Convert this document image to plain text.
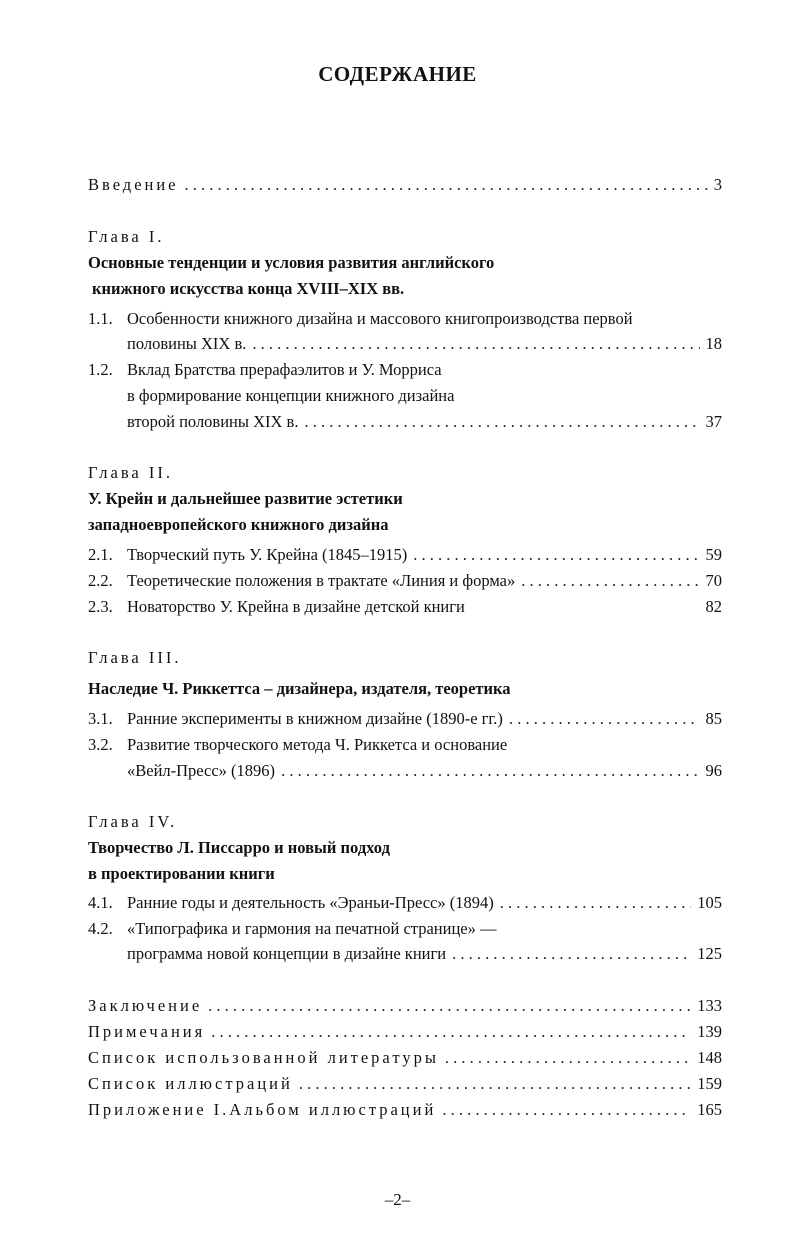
СОДЕРЖАНИЕ
Введение . . .	3
Глава I.
Основные тенденции и условия развития английского
книжного искусства конца XVIII–XIX вв.
1.1. Особенности книжного дизайна и массового книгопроизводства первой
половины XIX в. . . .	18
1.2. Вклад Братства прерафаэлитов и У. Морриса
в формирование концепции книжного дизайна
второй половины XIX в. . . .	37
Глава II.
У. Крейн и дальнейшее развитие эстетики
западноевропейского книжного дизайна
2.1. Творческий путь У. Крейна (1845–1915) . . .	59
2.2. Теоретические положения в трактате «Линия и форма» . . .	70
2.3. Новаторство У. Крейна в дизайне детской книги	82
Глава III.
Наследие Ч. Риккеттса – дизайнера, издателя, теоретика
3.1. Ранние эксперименты в книжном дизайне (1890-е гг.) . . .	85
3.2. Развитие творческого метода Ч. Риккетса и основание
«Вейл-Пресс» (1896) . . .	96
Глава IV.
Творчество Л. Писсарро и новый подход
в проектировании книги
4.1. Ранние годы и деятельность «Эраньи-Пресс» (1894) . . .	105
4.2. «Типографика и гармония на печатной странице» —
программа новой концепции в дизайне книги . . .	125
Заключение . . .	133
Примечания . . .	139
Список использованной литературы . . .	148
Список иллюстраций . . .	159
Приложение I.Альбом иллюстраций . . .	165
–2–
